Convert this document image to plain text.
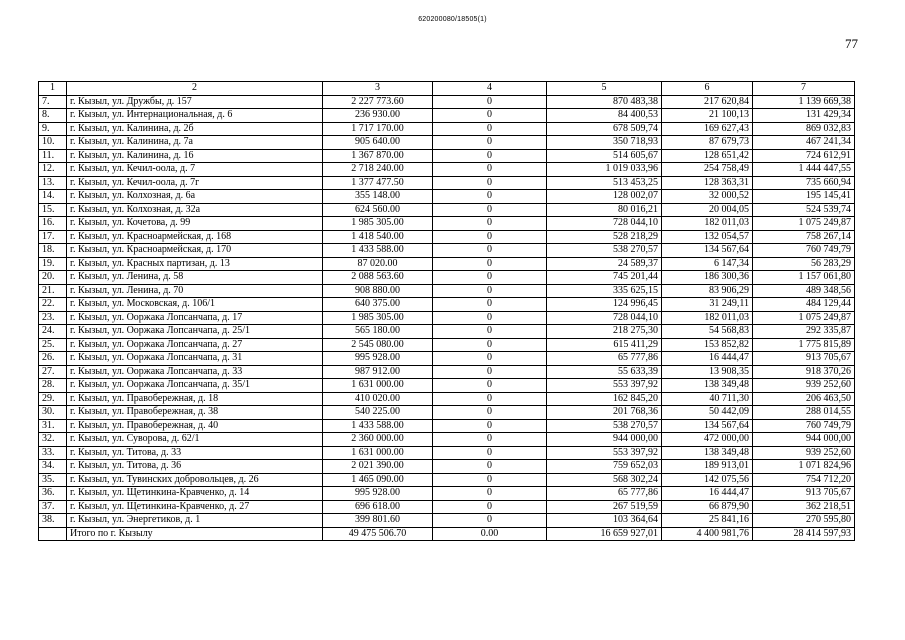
620200080/18505(1)
77
1	2	3	4	5	6	7
7.	г. Кызыл, ул. Дружбы, д. 157	2 227 773.60	0	870 483,38	217 620,84	1 139 669,38
8.	г. Кызыл, ул. Интернациональная, д. 6	236 930.00	0	84 400,53	21 100,13	131 429,34
9.	г. Кызыл, ул. Калинина, д. 2б	1 717 170.00	0	678 509,74	169 627,43	869 032,83
10.	г. Кызыл, ул. Калинина, д. 7а	905 640.00	0	350 718,93	87 679,73	467 241,34
11.	г. Кызыл, ул. Калинина, д. 16	1 367 870.00	0	514 605,67	128 651,42	724 612,91
12.	г. Кызыл, ул. Кечил-оола, д. 7	2 718 240.00	0	1 019 033,96	254 758,49	1 444 447,55
13.	г. Кызыл, ул. Кечил-оола, д. 7г	1 377 477.50	0	513 453,25	128 363,31	735 660,94
14.	г. Кызыл, ул. Колхозная, д. 6а	355 148.00	0	128 002,07	32 000,52	195 145,41
15.	г. Кызыл, ул. Колхозная, д. 32а	624 560.00	0	80 016,21	20 004,05	524 539,74
16.	г. Кызыл, ул. Кочетова, д. 99	1 985 305.00	0	728 044,10	182 011,03	1 075 249,87
17.	г. Кызыл, ул. Красноармейская, д. 168	1 418 540.00	0	528 218,29	132 054,57	758 267,14
18.	г. Кызыл, ул. Красноармейская, д. 170	1 433 588.00	0	538 270,57	134 567,64	760 749,79
19.	г. Кызыл, ул. Красных партизан, д. 13	87 020.00	0	24 589,37	6 147,34	56 283,29
20.	г. Кызыл, ул. Ленина, д. 58	2 088 563.60	0	745 201,44	186 300,36	1 157 061,80
21.	г. Кызыл, ул. Ленина, д. 70	908 880.00	0	335 625,15	83 906,29	489 348,56
22.	г. Кызыл, ул. Московская, д. 106/1	640 375.00	0	124 996,45	31 249,11	484 129,44
23.	г. Кызыл, ул. Ооржака Лопсанчапа, д. 17	1 985 305.00	0	728 044,10	182 011,03	1 075 249,87
24.	г. Кызыл, ул. Ооржака Лопсанчапа, д. 25/1	565 180.00	0	218 275,30	54 568,83	292 335,87
25.	г. Кызыл, ул. Ооржака Лопсанчапа, д. 27	2 545 080.00	0	615 411,29	153 852,82	1 775 815,89
26.	г. Кызыл, ул. Ооржака Лопсанчапа, д. 31	995 928.00	0	65 777,86	16 444,47	913 705,67
27.	г. Кызыл, ул. Ооржака Лопсанчапа, д. 33	987 912.00	0	55 633,39	13 908,35	918 370,26
28.	г. Кызыл, ул. Ооржака Лопсанчапа, д. 35/1	1 631 000.00	0	553 397,92	138 349,48	939 252,60
29.	г. Кызыл, ул. Правобережная, д. 18	410 020.00	0	162 845,20	40 711,30	206 463,50
30.	г. Кызыл, ул. Правобережная, д. 38	540 225.00	0	201 768,36	50 442,09	288 014,55
31.	г. Кызыл, ул. Правобережная, д. 40	1 433 588.00	0	538 270,57	134 567,64	760 749,79
32.	г. Кызыл, ул. Суворова, д. 62/1	2 360 000.00	0	944 000,00	472 000,00	944 000,00
33.	г. Кызыл, ул. Титова, д. 33	1 631 000.00	0	553 397,92	138 349,48	939 252,60
34.	г. Кызыл, ул. Титова, д. 36	2 021 390.00	0	759 652,03	189 913,01	1 071 824,96
35.	г. Кызыл, ул. Тувинских добровольцев, д. 26	1 465 090.00	0	568 302,24	142 075,56	754 712,20
36.	г. Кызыл, ул. Щетинкина-Кравченко, д. 14	995 928.00	0	65 777,86	16 444,47	913 705,67
37.	г. Кызыл, ул. Щетинкина-Кравченко, д. 27	696 618.00	0	267 519,59	66 879,90	362 218,51
38.	г. Кызыл, ул. Энергетиков, д. 1	399 801.60	0	103 364,64	25 841,16	270 595,80
	Итого по г. Кызылу	49 475 506.70	0.00	16 659 927,01	4 400 981,76	28 414 597,93
